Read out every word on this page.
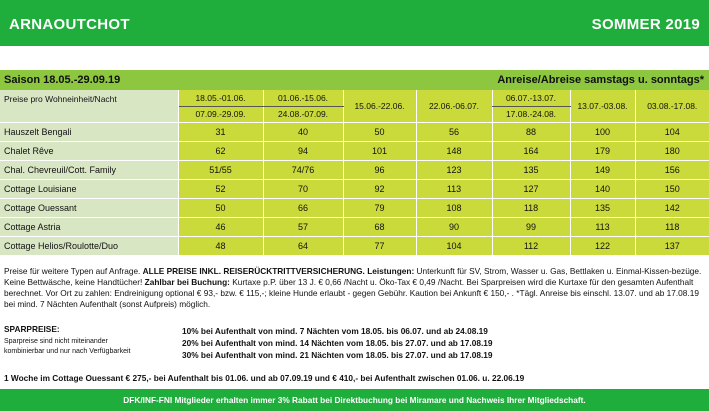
ARNAOUTCHOT	SOMMER 2019
Saison 18.05.-29.09.19	Anreise/Abreise samstags u. sonntags*
Preise pro Wohneinheit/Nacht	18.05.-01.06.	01.06.-15.06.	15.06.-22.06.	22.06.-06.07.	06.07.-13.07.	13.07.-03.08.	03.08.-17.08.
	07.09.-29.09.	24.08.-07.09.			17.08.-24.08.		
Hauszelt Bengali	31	40	50	56	88	100	104
Chalet Rêve	62	94	101	148	164	179	180
Chal. Chevreuil/Cott. Family	51/55	74/76	96	123	135	149	156
Cottage Louisiane	52	70	92	113	127	140	150
Cottage Ouessant	50	66	79	108	118	135	142
Cottage Astria	46	57	68	90	99	113	118
Cottage Helios/Roulotte/Duo	48	64	77	104	112	122	137
Preise für weitere Typen auf Anfrage. ALLE PREISE INKL. REISERÜCKTRITTVERSICHERUNG. Leistungen: Unterkunft für SV, Strom, Wasser u. Gas, Bettlaken u. Einmal-Kissen-bezüge. Keine Bettwäsche, keine Handtücher! Zahlbar bei Buchung: Kurtaxe p.P. über 13 J. € 0,66 /Nacht u. Öko-Tax € 0,49 /Nacht. Bei Sparpreisen wird die Kurtaxe für den gesamten Aufenthalt berechnet. Vor Ort zu zahlen: Endreinigung optional € 93,- bzw. € 115,-; kleine Hunde erlaubt - gegen Gebühr. Kaution bei Ankunft € 150,- . *Tägl. Anreise bis einschl. 13.07. und ab 17.08.19 bei mind. 7 Nächten Aufenthalt (sonst Aufpreis) möglich.
SPARPREISE:
Sparpreise sind nicht miteinander
kombinierbar und nur nach Verfügbarkeit
10% bei Aufenthalt von mind. 7 Nächten vom 18.05. bis 06.07. und ab 24.08.19
20% bei Aufenthalt von mind. 14 Nächten vom 18.05. bis 27.07. und ab 17.08.19
30% bei Aufenthalt von mind. 21 Nächten vom 18.05. bis 27.07. und ab 17.08.19
1 Woche im Cottage Ouessant € 275,- bei Aufenthalt bis 01.06. und ab 07.09.19 und € 410,- bei Aufenthalt zwischen 01.06. u. 22.06.19
DFK/INF-FNI Mitglieder erhalten immer 3% Rabatt bei Direktbuchung bei Miramare und Nachweis Ihrer Mitgliedschaft.
